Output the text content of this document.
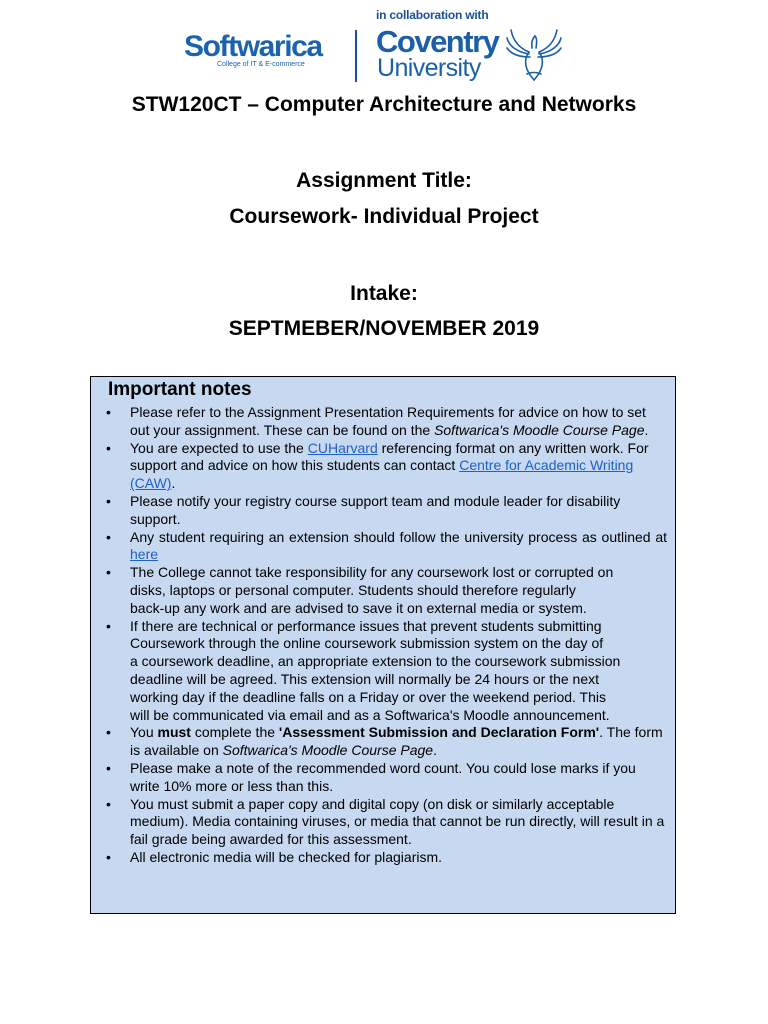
Softwarica
College of IT & E-commerce
in collaboration with
Coventry
University
STW120CT – Computer Architecture and Networks
Assignment Title:
Coursework- Individual Project
Intake:
SEPTMEBER/NOVEMBER 2019
Important notes
• Please refer to the Assignment Presentation Requirements for advice on how to set out your assignment. These can be found on the Softwarica's Moodle Course Page.
• You are expected to use the CUHarvard referencing format on any written work. For support and advice on how this students can contact Centre for Academic Writing (CAW).
• Please notify your registry course support team and module leader for disability support.
• Any student requiring an extension should follow the university process as outlined at here
• The College cannot take responsibility for any coursework lost or corrupted on
disks, laptops or personal computer. Students should therefore regularly
back-up any work and are advised to save it on external media or system.
• If there are technical or performance issues that prevent students submitting
Coursework through the online coursework submission system on the day of
a coursework deadline, an appropriate extension to the coursework submission
deadline will be agreed. This extension will normally be 24 hours or the next
working day if the deadline falls on a Friday or over the weekend period. This
will be communicated via email and as a Softwarica's Moodle announcement.
• You must complete the 'Assessment Submission and Declaration Form'. The form is available on Softwarica's Moodle Course Page.
• Please make a note of the recommended word count. You could lose marks if you write 10% more or less than this.
• You must submit a paper copy and digital copy (on disk or similarly acceptable medium). Media containing viruses, or media that cannot be run directly, will result in a fail grade being awarded for this assessment.
• All electronic media will be checked for plagiarism.
